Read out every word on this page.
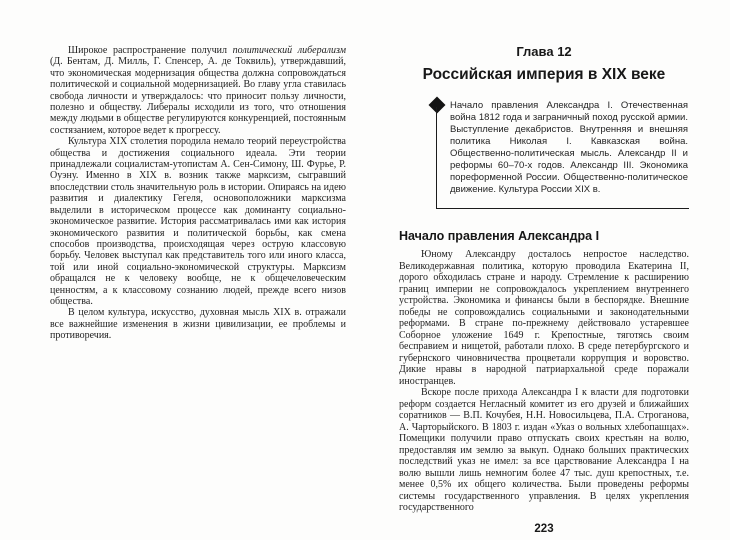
Широкое распространение получил политический либерализм (Д. Бентам, Д. Милль, Г. Спенсер, А. де Токвиль), утверждавший, что экономическая модернизация общества должна сопровождаться политической и социальной модернизацией. Во главу угла ставилась свобода личности и утверждалось: что приносит пользу личности, полезно и обществу. Либералы исходили из того, что отношения между людьми в обществе регулируются конкуренцией, постоянным состязанием, которое ведет к прогрессу.

Культура XIX столетия породила немало теорий переустройства общества и достижения социального идеала. Эти теории принадлежали социалистам-утопистам А. Сен-Симону, Ш. Фурье, Р. Оуэну. Именно в XIX в. возник также марксизм, сыгравший впоследствии столь значительную роль в истории. Опираясь на идею развития и диалектику Гегеля, основоположники марксизма выделили в историческом процессе как доминанту социально-экономическое развитие. История рассматривалась ими как история экономического развития и политической борьбы, как смена способов производства, происходящая через острую классовую борьбу. Человек выступал как представитель того или иного класса, той или иной социально-экономической структуры. Марксизм обращался не к человеку вообще, не к общечеловеческим ценностям, а к классовому сознанию людей, прежде всего низов общества.

В целом культура, искусство, духовная мысль XIX в. отражали все важнейшие изменения в жизни цивилизации, ее проблемы и противоречия.

Глава 12

Российская империя в XIX веке

Начало правления Александра I. Отечественная война 1812 года и заграничный поход русской армии. Выступление декабристов. Внутренняя и внешняя политика Николая I. Кавказская война. Общественно-политическая мысль. Александр II и реформы 60–70-х годов. Александр III. Экономика пореформенной России. Общественно-политическое движение. Культура России XIX в.

Начало правления Александра I

Юному Александру досталось непростое наследство. Великодержавная политика, которую проводила Екатерина II, дорого обходилась стране и народу. Стремление к расширению границ империи не сопровождалось укреплением внутреннего устройства. Экономика и финансы были в беспорядке. Внешние победы не сопровождались социальными и законодательными реформами. В стране по-прежнему действовало устаревшее Соборное уложение 1649 г. Крепостные, тяготясь своим бесправием и нищетой, работали плохо. В среде петербургского и губернского чиновничества процветали коррупция и воровство. Дикие нравы в народной патриархальной среде поражали иностранцев.

Вскоре после прихода Александра I к власти для подготовки реформ создается Негласный комитет из его друзей и ближайших соратников — В.П. Кочубея, Н.Н. Новосильцева, П.А. Строганова, А. Чарторыйского. В 1803 г. издан «Указ о вольных хлебопашцах». Помещики получили право отпускать своих крестьян на волю, предоставляя им землю за выкуп. Однако больших практических последствий указ не имел: за все царствование Александра I на волю вышли лишь немногим более 47 тыс. душ крепостных, т.е. менее 0,5% их общего количества. Были проведены реформы системы государственного управления. В целях укрепления государственного

223
